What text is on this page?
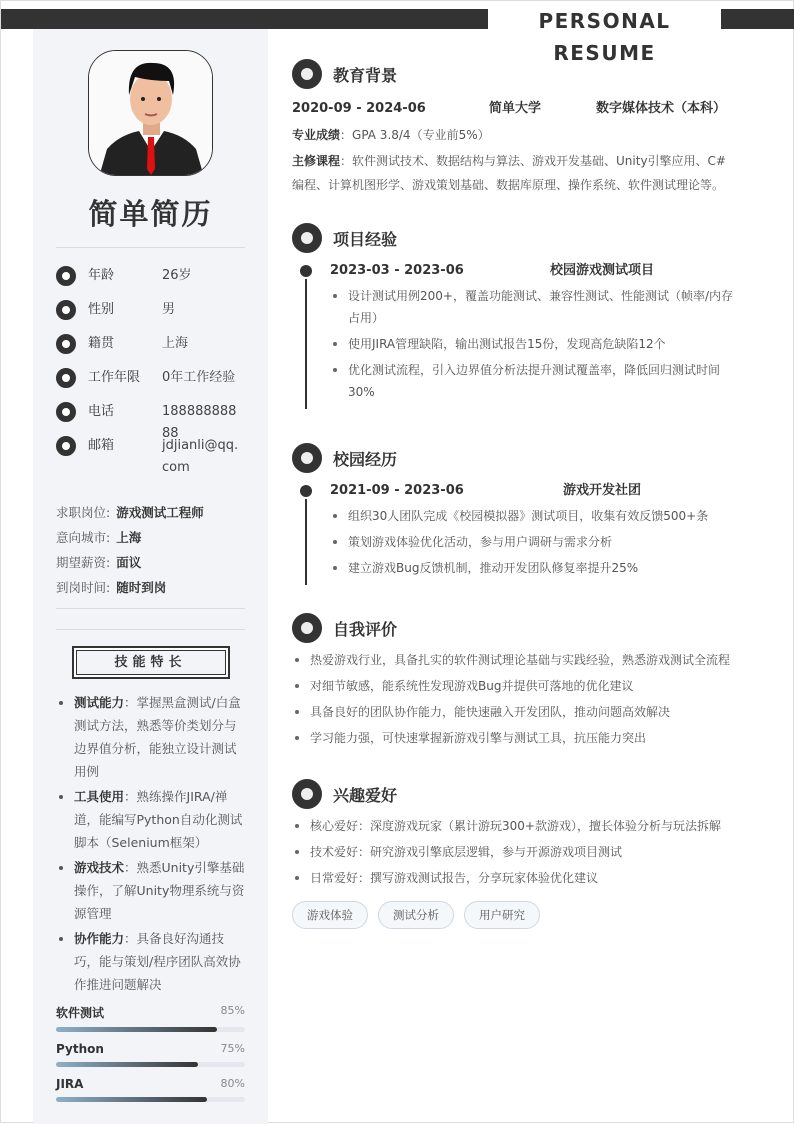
PERSONAL RESUME
简单简历
年龄	26岁
性别	男
籍贯	上海
工作年限	0年工作经验
电话	18888888888
邮箱	jdjianli@qq.com
求职岗位: 游戏测试工程师
意向城市: 上海
期望薪资: 面议
到岗时间: 随时到岗
技能特长
测试能力：掌握黑盒测试/白盒测试方法，熟悉等价类划分与边界值分析，能独立设计测试用例
工具使用：熟练操作JIRA/禅道，能编写Python自动化测试脚本（Selenium框架）
游戏技术：熟悉Unity引擎基础操作，了解Unity物理系统与资源管理
协作能力：具备良好沟通技巧，能与策划/程序团队高效协作推进问题解决
软件测试	85%
Python	75%
JIRA	80%
教育背景
2020-09 - 2024-06	简单大学	数字媒体技术（本科）
专业成绩：GPA 3.8/4（专业前5%）
主修课程：软件测试技术、数据结构与算法、游戏开发基础、Unity引擎应用、C#编程、计算机图形学、游戏策划基础、数据库原理、操作系统、软件测试理论等。
项目经验
2023-03 - 2023-06	校园游戏测试项目
设计测试用例200+，覆盖功能测试、兼容性测试、性能测试（帧率/内存占用）
使用JIRA管理缺陷，输出测试报告15份，发现高危缺陷12个
优化测试流程，引入边界值分析法提升测试覆盖率，降低回归测试时间30%
校园经历
2021-09 - 2023-06	游戏开发社团
组织30人团队完成《校园模拟器》测试项目，收集有效反馈500+条
策划游戏体验优化活动，参与用户调研与需求分析
建立游戏Bug反馈机制，推动开发团队修复率提升25%
自我评价
热爱游戏行业，具备扎实的软件测试理论基础与实践经验，熟悉游戏测试全流程
对细节敏感，能系统性发现游戏Bug并提供可落地的优化建议
具备良好的团队协作能力，能快速融入开发团队，推动问题高效解决
学习能力强，可快速掌握新游戏引擎与测试工具，抗压能力突出
兴趣爱好
核心爱好：深度游戏玩家（累计游玩300+款游戏），擅长体验分析与玩法拆解
技术爱好：研究游戏引擎底层逻辑，参与开源游戏项目测试
日常爱好：撰写游戏测试报告，分享玩家体验优化建议
游戏体验	测试分析	用户研究
